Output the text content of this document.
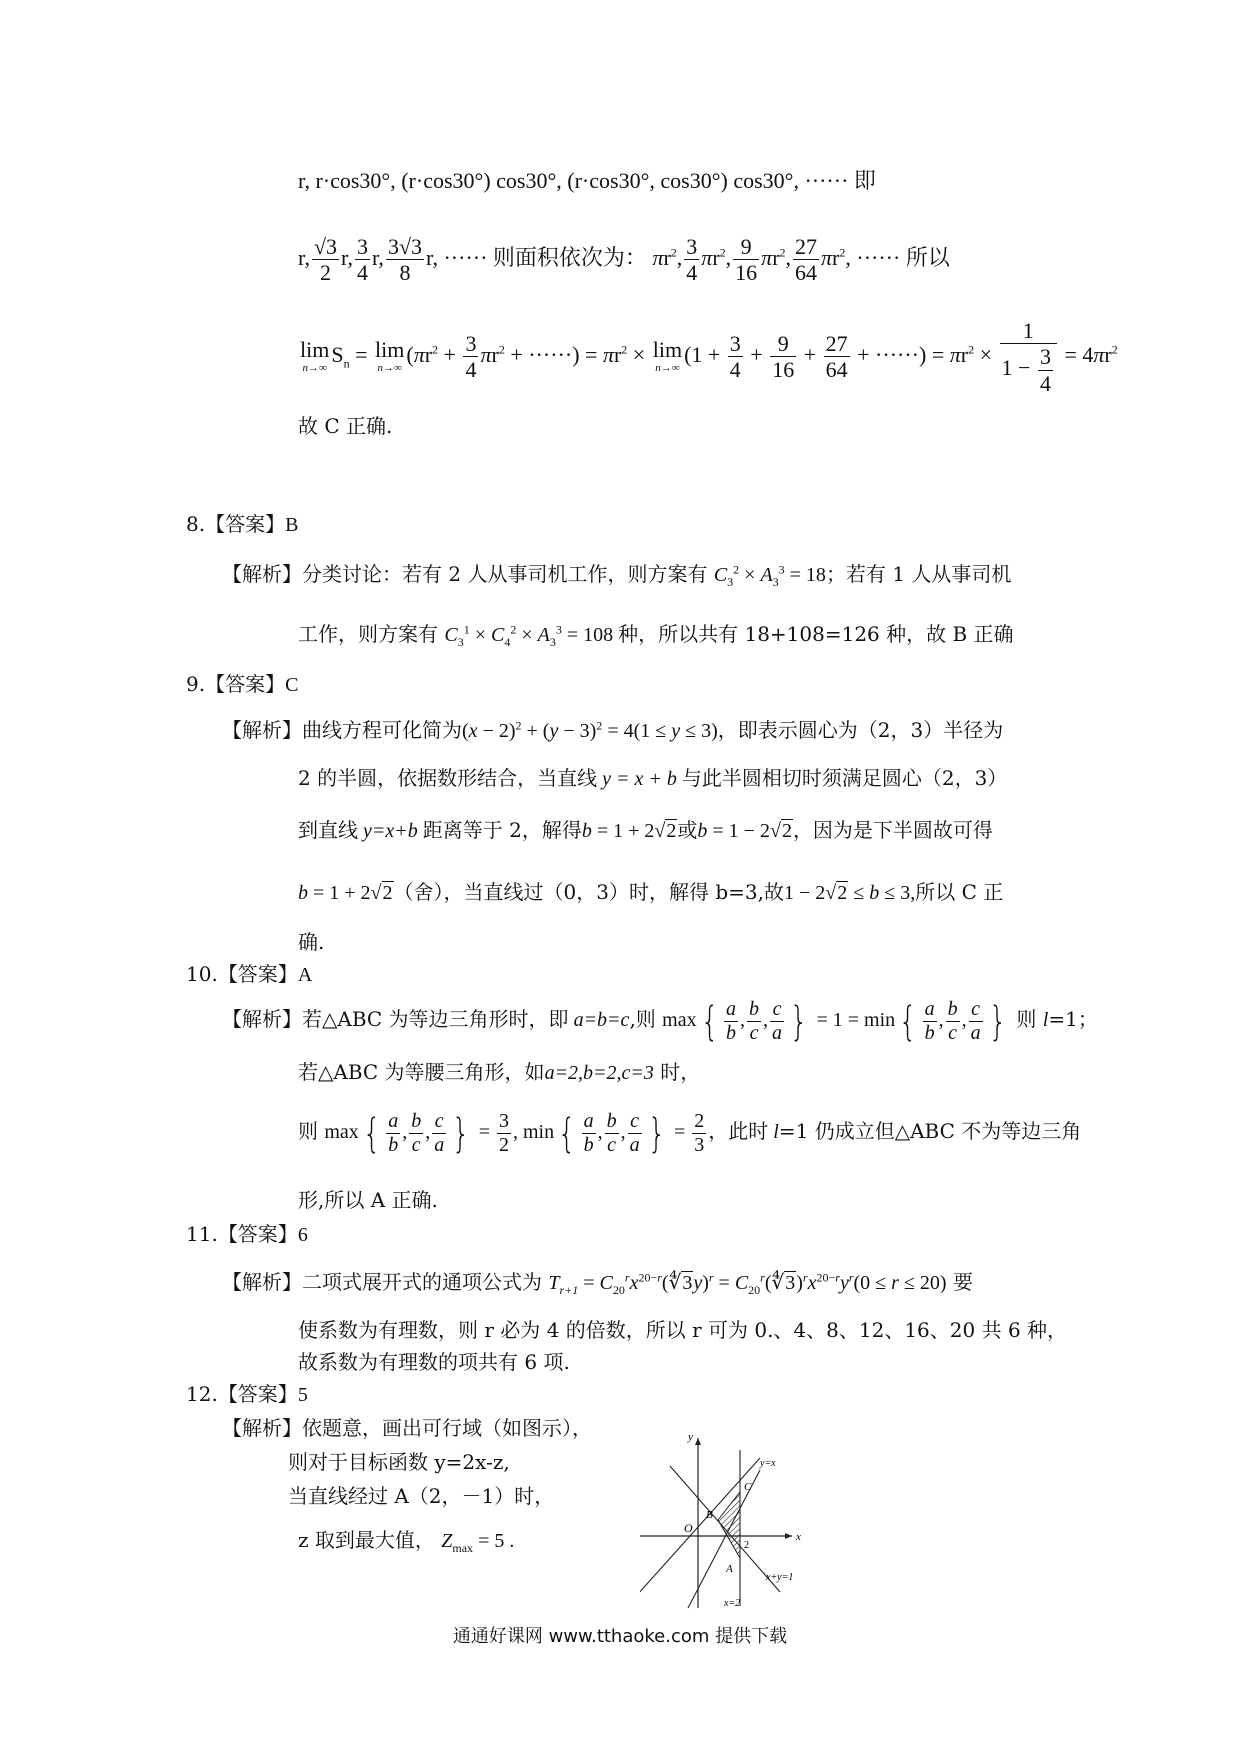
r, r·cos30°, (r·cos30°) cos30°, (r·cos30°, cos30°) cos30°, ······ 即
r, $\frac{√3}{2} r$, $\frac{3}{4} r$, $\frac{3√3}{8} r$, ······ 则面积依次为： $\pi r^2$, $\frac{3}{4} \pi r^2$, $\frac{9}{16} \pi r^2$, $\frac{27}{64} \pi r^2$, ······ 所以
lim
n→∞
$S_n = \lim$
n→∞
($\pi r^2 + \frac{3}{4} \pi r^2$ + ······) = $\pi r^2 \times \lim$
n→∞
($1 + \frac{3}{4} + \frac{9}{16} + \frac{27}{64}$ + ······) = $\pi r^2 \times \frac{1}{1 - \frac{3}{4}} = 4\pi r^2$
故 C 正确.
8.【答案】B
【解析】分类讨论：若有 2 人从事司机工作，则方案有 $C_3^2 \times A_3^3 = 18$；若有 1 人从事司机
工作，则方案有 $C_3^1 \times C_4^2 \times A_3^3 = 108$ 种，所以共有 18+108=126 种，故 B 正确
9.【答案】C
【解析】曲线方程可化简为$(x - 2)^2 + (y - 3)^2 = 4(1 \le y \le 3)$，即表示圆心为（2，3）半径为
2 的半圆，依据数形结合，当直线 y = x + b 与此半圆相切时须满足圆心（2，3）
到直线 y=x+b 距离等于 2，解得b = 1 + 2√2或b = 1 − 2√2，因为是下半圆故可得
b = 1 + 2√2（舍），当直线过（0，3）时，解得 b=3,故1 − 2√2 ≤ b ≤ 3,所以 C 正
确.
10.【答案】A
【解析】若△ABC 为等边三角形时，即 a=b=c,则 $\max\{ \frac{a}{b}$ , $\frac{b}{c}$ , $\frac{c}{a}$ } = $1 = \min\{ \frac{a}{b}$ , $\frac{b}{c}$ , $\frac{c}{a}$ } 则 l=1；
若△ABC 为等腰三角形，如a=2,b=2,c=3 时，
则 $\max\{ \frac{a}{b}$ , $\frac{b}{c}$ , $\frac{c}{a}$ } = $\frac{3}{2}$ , $\min\{ \frac{a}{b}$ , $\frac{b}{c}$ , $\frac{c}{a}$ } = $\frac{2}{3}$ ，此时 l=1 仍成立但△ABC 不为等边三角
形,所以 A 正确.
11.【答案】6
【解析】二项式展开式的通项公式为 $T_{r+1}$ = $C_{20}^rx^{20-r}(∜3y)^r$ = $C_{20}^r(∜3)^rx^{20-r}y^r(0 \le r \le 20)$ 要
使系数为有理数，则 r 必为 4 的倍数，所以 r 可为 0.、4、8、12、16、20 共 6 种，
故系数为有理数的项共有 6 项.
12.【答案】5
【解析】依题意，画出可行域（如图示），
则对于目标函数 y=2x-z,
当直线经过 A（2，－1）时，
z 取到最大值， $Z_{max} = 5$ .
y
x
O
y=x
x+y=1
x=2
B
C
A
2
通通好课网 www.tthaoke.com 提供下载
